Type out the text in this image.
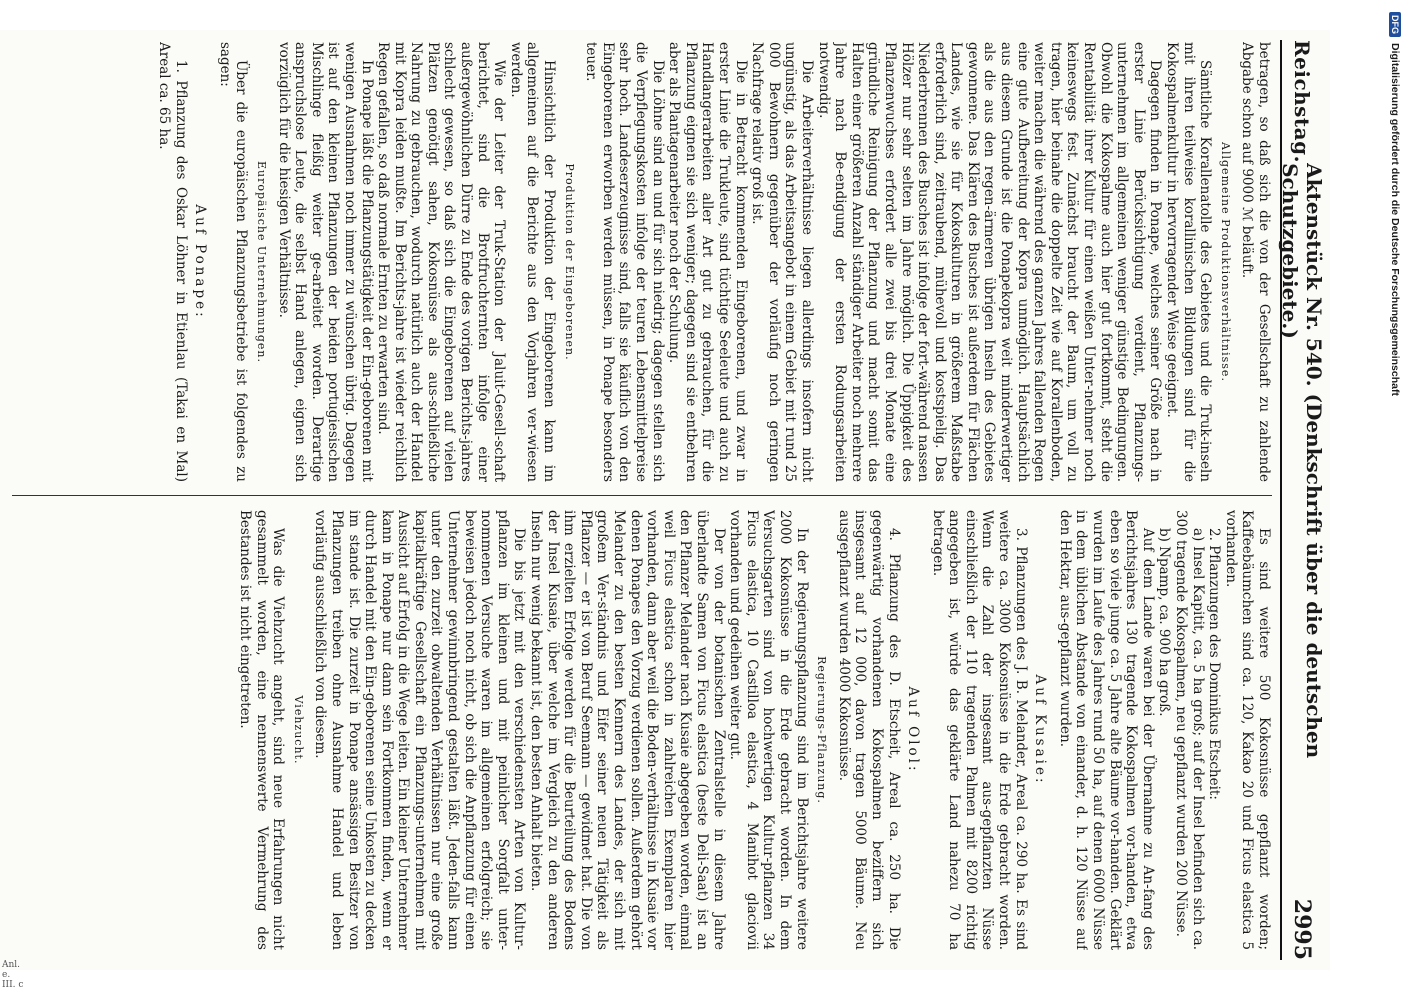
Reichstag.
Aktenstück Nr. 540. (Denkschrift über die deutschen Schutzgebiete.)
2995

betragen, so daß sich die von der Gesellschaft zu zahlende Abgabe schon auf 9000 ℳ beläuft.

Allgemeine Produktionsverhältnisse.

Sämtliche Korallenatolle des Gebietes und die Truk-inseln mit ihren teilweise korallinischen Bildungen sind für die Kokospalmenkultur in hervorragender Weise geeignet.

Dagegen finden in Ponape, welches seiner Größe nach in erster Linie Berücksichtigung verdient, Pflanzungs-unternehmen im allgemeinen weniger günstige Bedingungen. Obwohl die Kokospalme auch hier gut fortkommt, steht die Rentabilität ihrer Kultur für einen weißen Unter-nehmer noch keineswegs fest. Zunächst braucht der Baum, um voll zu tragen, hier beinahe die doppelte Zeit wie auf Korallenboden, weiter machen die während des ganzen Jahres fallenden Regen eine gute Aufbereitung der Kopra unmöglich. Hauptsächlich aus diesem Grunde ist die Ponapekopra weit minderwertiger als die aus den regen-ärmeren übrigen Inseln des Gebietes gewonnene. Das Klären des Busches ist außerdem für Flächen Landes, wie sie für Kokoskulturen in größerem Maßstabe erforderlich sind, zeitraubend, mühevoll und kostspielig. Das Niederbrennen des Busches ist infolge der fort-während nassen Hölzer nur sehr selten im Jahre möglich. Die Üppigkeit des Pflanzenwuchses erfordert alle zwei bis drei Monate eine gründliche Reinigung der Pflanzung und macht somit das Halten einer größeren Anzahl ständiger Arbeiter noch mehrere Jahre nach Be-endigung der ersten Rodungsarbeiten notwendig.

Die Arbeiterverhältnisse liegen allerdings insofern nicht ungünstig, als das Arbeitsangebot in einem Gebiet mit rund 25 000 Bewohnern gegenüber der vorläufig noch geringen Nachfrage relativ groß ist.

Die in Betracht kommenden Eingeborenen, und zwar in erster Linie die Trukleute, sind tüchtige Seeleute und auch zu Handlangerarbeiten aller Art gut zu gebrauchen, für die Pflanzung eignen sie sich weniger; dagegen sind sie entbehren aber als Plantagenarbeiter noch der Schulung.

Die Löhne sind an und für sich niedrig; dagegen stellen sich die Verpflegungskosten infolge der teuren Lebensmittelpreise sehr hoch. Landeserzeugnisse sind, falls sie käuflich von den Eingeborenen erworben werden müssen, in Ponape besonders teuer.

Produktion der Eingeborenen.

Hinsichtlich der Produktion der Eingeborenen kann im allgemeinen auf die Berichte aus den Vorjahren ver-wiesen werden.

Wie der Leiter der Truk-Station der Jaluit-Gesell-schaft berichtet, sind die Brotfruchternten infolge einer außergewöhnlichen Dürre zu Ende des vorigen Berichts-jahres schlecht gewesen, so daß sich die Eingeborenen auf vielen Plätzen genötigt sahen, Kokosnüsse als aus-schließliche Nahrung zu gebrauchen, wodurch natürlich auch der Handel mit Kopra leiden mußte. Im Berichts-jahre ist wieder reichlich Regen gefallen, so daß normale Ernten zu erwarten sind.

In Ponape läßt die Pflanzungstätigkeit der Ein-geborenen mit wenigen Ausnahmen noch immer zu wünschen übrig. Dagegen ist auf den kleinen Pflanzungen der beiden portugiesischen Mischlinge fleißig weiter ge-arbeitet worden. Derartige anspruchslose Leute, die selbst Hand anlegen, eignen sich vorzüglich für die hiesigen Verhältnisse.

Europäische Unternehmungen.

Über die europäischen Pflanzungsbetriebe ist folgendes zu sagen:

Auf Ponape:

1. Pflanzung des Oskar Löhner in Etienlau (Takai en Mal) Areal ca. 65 ha.

Es sind weitere 500 Kokosnüsse gepflanzt worden; Kaffeebäumchen sind ca. 120, Kakao 20 und Ficus elastica 5 vorhanden.

2. Pflanzungen des Dominikus Etscheit:

a) Insel Kapitit, ca. 5 ha groß; auf der Insel befinden sich ca. 300 tragende Kokospalmen, neu gepflanzt wurden 200 Nüsse.

b) Npamp, ca. 900 ha groß.

Auf dem Lande waren bei der Übernahme zu An-fang des Berichtsjahres 130 tragende Kokospalmen vor-handen, etwa eben so viele junge ca. 5 Jahre alte Bäume vor-handen. Geklärt wurden im Laufe des Jahres rund 50 ha, auf denen 6000 Nüsse in dem üblichen Abstande von einander, d. h. 120 Nüsse auf den Hektar, aus-gepflanzt wurden.

Auf Kusaie:

3. Pflanzungen des J. B. Melander, Areal ca. 290 ha. Es sind weitere ca. 3000 Kokosnüsse in die Erde gebracht worden. Wenn die Zahl der insgesamt aus-gepflanzten Nüsse einschließlich der 110 tragenden Palmen mit 8200 richtig angegeben ist, würde das geklärte Land nahezu 70 ha betragen.

Auf Olol:

4. Pflanzung des D. Etscheit, Areal ca. 250 ha. Die gegenwärtig vorhandenen Kokospalmen beziffern sich insgesamt auf 12 000, davon tragen 5000 Bäume. Neu ausgepflanzt wurden 4000 Kokosnüsse.

Regierungs-Pflanzung.

In der Regierungspflanzung sind im Berichtsjahre weitere 2000 Kokosnüsse in die Erde gebracht worden. In dem Versuchsgarten sind von hochwertigen Kultur-pflanzen 34 Ficus elastica, 10 Castilloa elastica, 4 Manihot glaciovii vorhanden und gedeihen weiter gut.

Der von der botanischen Zentralstelle in diesem Jahre überlandte Samen von Ficus elastica (beste Deli-Saat) ist an den Pflanzer Melander nach Kusaie abgegeben worden, einmal weil Ficus elastica schon in zahlreichen Exemplaren hier vorhanden, dann aber weil die Boden-verhältnisse in Kusaie vor denen Ponapes den Vorzug verdienen sollen. Außerdem gehört Melander zu den besten Kennern des Landes, der sich mit großem Ver-ständnis und Eifer seiner neuen Tätigkeit als Pflanzer — er ist von Beruf Seemann — gewidmet hat. Die von ihm erzielten Erfolge werden für die Beurteilung des Bodens der Insel Kusaie, über welche im Vergleich zu den anderen Inseln nur wenig bekannt ist, den besten Anhalt bieten.

Die bis jetzt mit den verschiedensten Arten von Kultur-pflanzen im kleinen und mit peinlicher Sorgfalt unter-nommenen Versuche waren im allgemeinen erfolgreich; sie beweisen jedoch noch nicht, ob sich die Anpflanzung für einen Unternehmer gewinnbringend gestalten läßt. Jeden-falls kann unter den zurzeit obwaltenden Verhältnissen nur eine große kapitalkräftige Gesellschaft ein Pflanzungs-unternehmen mit Aussicht auf Erfolg in die Wege leiten. Ein kleiner Unternehmer kann in Ponape nur dann sein Fortkommen finden, wenn er durch Handel mit den Ein-geborenen seine Unkosten zu decken im stande ist. Die zurzeit in Ponape ansässigen Besitzer von Pflanzungen treiben ohne Ausnahme Handel und leben vorläufig ausschließlich von diesem.

Viehzucht.

Was die Viehzucht angeht, sind neue Erfahrungen nicht gesammelt worden, eine nennenswerte Vermehrung des Bestandes ist nicht eingetreten.

Anl. e. III. c
DFG
Digitalisierung gefördert durch die Deutsche Forschungsgemeinschaft
